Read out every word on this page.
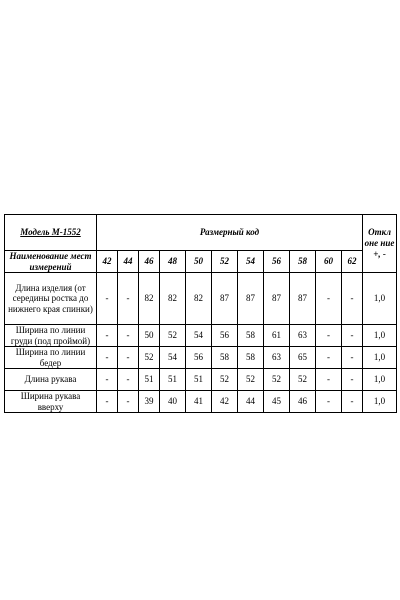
Модель М-1552	Размерный код											Откл оне ние +, -
Наименование мест измерений	42	44	46	48	50	52	54	56	58	60	62	
Длина изделия (от середины ростка до нижнего края спинки)	-	-	82	82	82	87	87	87	87	-	-	1,0
Ширина по линии груди (под проймой)	-	-	50	52	54	56	58	61	63	-	-	1,0
Ширина по линии бедер	-	-	52	54	56	58	58	63	65	-	-	1,0
Длина рукава	-	-	51	51	51	52	52	52	52	-	-	1,0
Ширина рукава вверху	-	-	39	40	41	42	44	45	46	-	-	1,0
